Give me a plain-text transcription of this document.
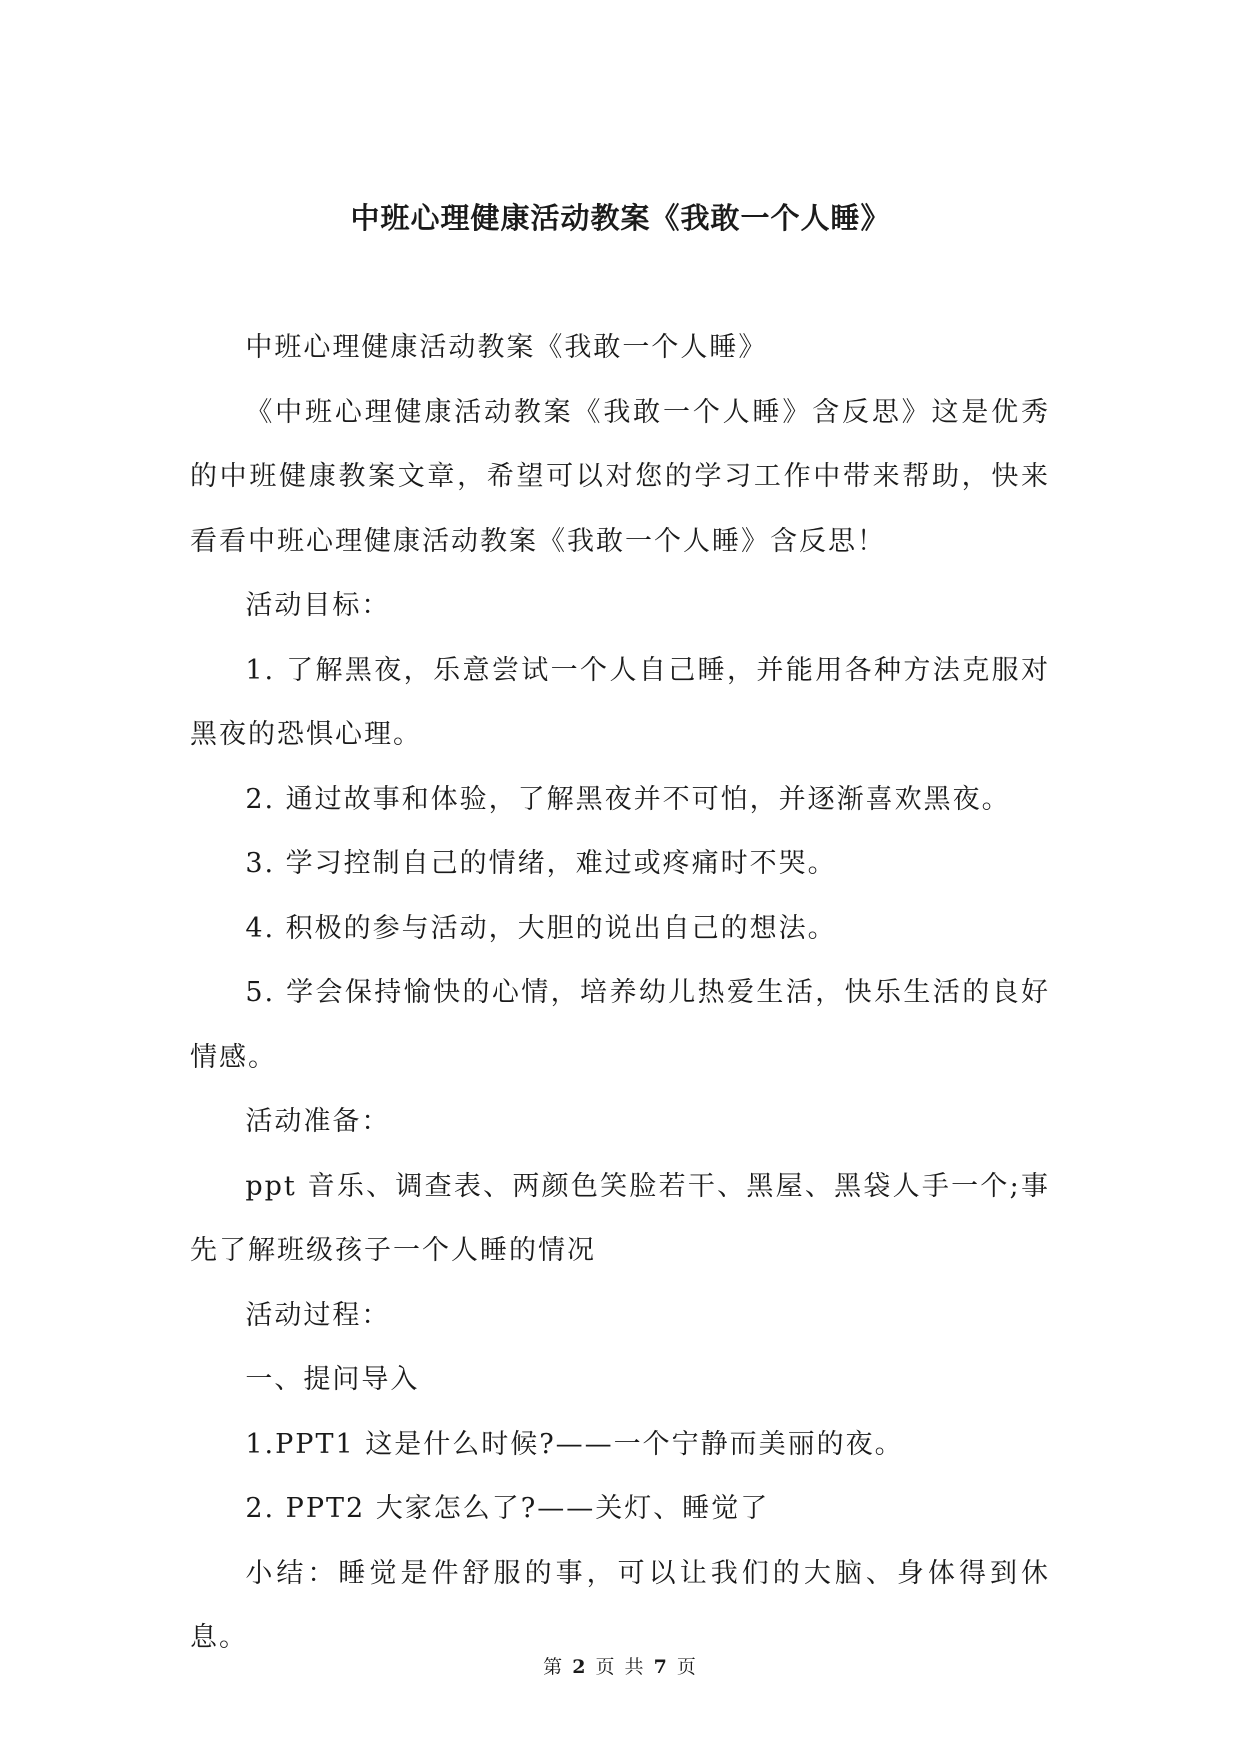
中班心理健康活动教案《我敢一个人睡》

中班心理健康活动教案《我敢一个人睡》

《中班心理健康活动教案《我敢一个人睡》含反思》这是优秀的中班健康教案文章，希望可以对您的学习工作中带来帮助，快来看看中班心理健康活动教案《我敢一个人睡》含反思！

活动目标：

1. 了解黑夜，乐意尝试一个人自己睡，并能用各种方法克服对黑夜的恐惧心理。

2. 通过故事和体验，了解黑夜并不可怕，并逐渐喜欢黑夜。

3. 学习控制自己的情绪，难过或疼痛时不哭。

4. 积极的参与活动，大胆的说出自己的想法。

5. 学会保持愉快的心情，培养幼儿热爱生活，快乐生活的良好情感。

活动准备：

ppt 音乐、调查表、两颜色笑脸若干、黑屋、黑袋人手一个;事先了解班级孩子一个人睡的情况

活动过程：

一、提问导入

1.PPT1 这是什么时候?——一个宁静而美丽的夜。

2. PPT2 大家怎么了?——关灯、睡觉了

小结：睡觉是件舒服的事，可以让我们的大脑、身体得到休息。

第 2 页 共 7 页
